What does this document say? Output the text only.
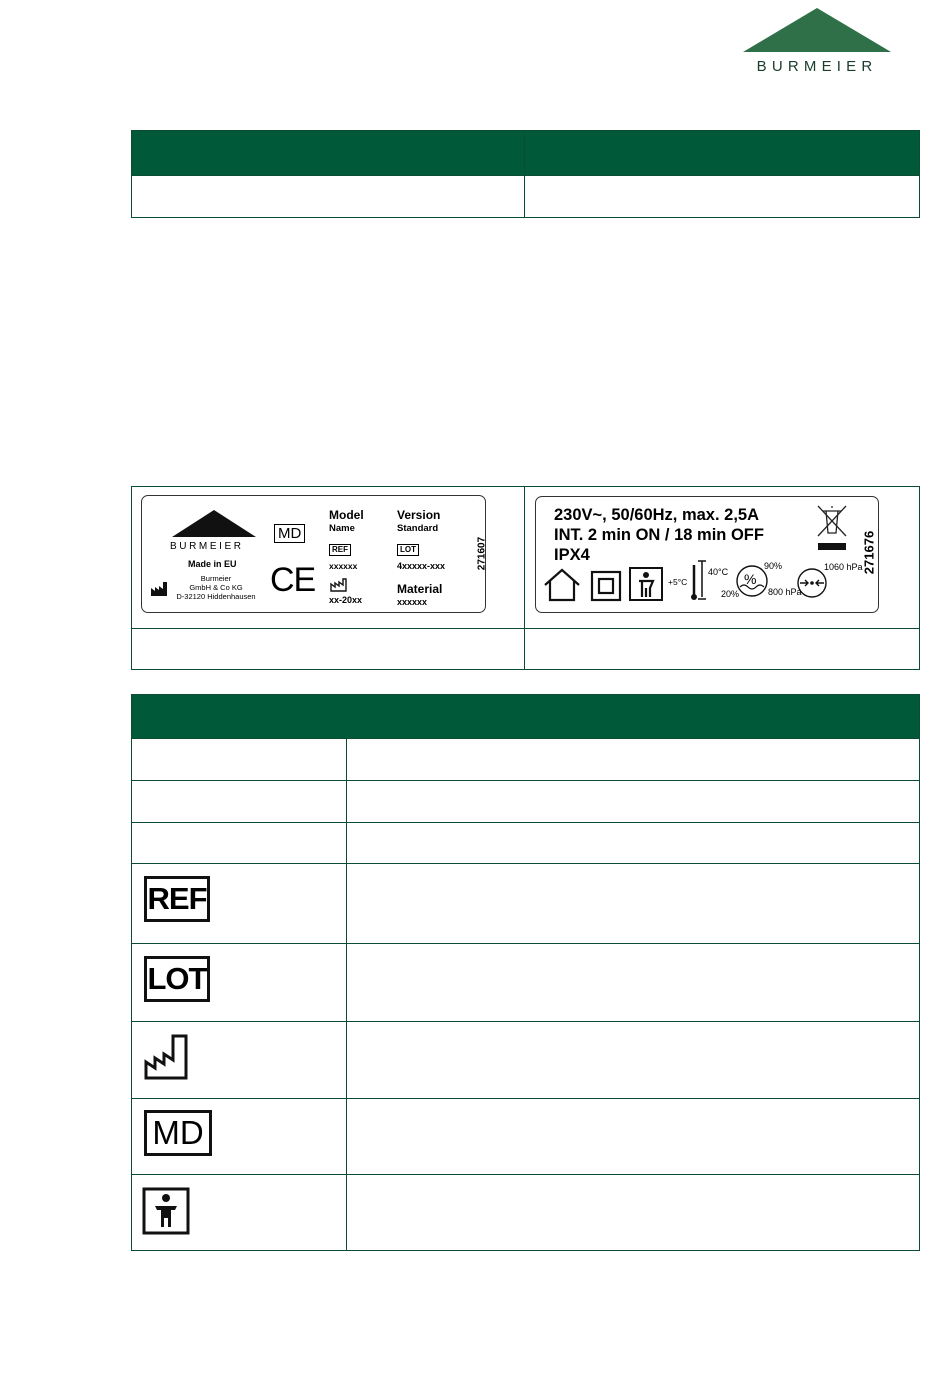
BURMEIER

BURMEIER
Made in EU
Burmeier
GmbH & Co KG
D-32120 Hiddenhausen
MD
CE
Model
Name
REF
xxxxxx
xx-20xx
Version
Standard
LOT
4xxxxx-xxx
Material
xxxxxx
271607
230V~, 50/60Hz, max. 2,5A
INT. 2 min ON / 18 min OFF
IPX4	271676
+5°C
40°C %
90%
20%
1060 hPa
800 hPa

REF
LOT
MD
